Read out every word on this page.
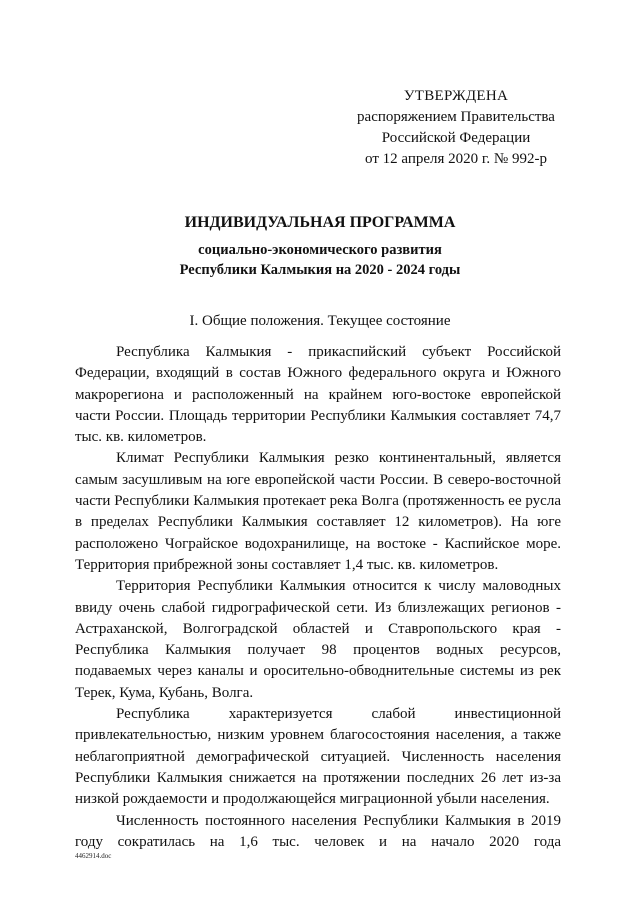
УТВЕРЖДЕНА
распоряжением Правительства
Российской Федерации
от 12 апреля 2020 г. № 992-р
ИНДИВИДУАЛЬНАЯ ПРОГРАММА
социально-экономического развития
Республики Калмыкия на 2020 - 2024 годы
I. Общие положения. Текущее состояние

Республика Калмыкия - прикаспийский субъект Российской Федерации, входящий в состав Южного федерального округа и Южного макрорегиона и расположенный на крайнем юго-востоке европейской части России. Площадь территории Республики Калмыкия составляет 74,7 тыс. кв. километров.

Климат Республики Калмыкия резко континентальный, является самым засушливым на юге европейской части России. В северо-восточной части Республики Калмыкия протекает река Волга (протяженность ее русла в пределах Республики Калмыкия составляет 12 километров). На юге расположено Чограйское водохранилище, на востоке - Каспийское море. Территория прибрежной зоны составляет 1,4 тыс. кв. километров.

Территория Республики Калмыкия относится к числу маловодных ввиду очень слабой гидрографической сети. Из близлежащих регионов - Астраханской, Волгоградской областей и Ставропольского края - Республика Калмыкия получает 98 процентов водных ресурсов, подаваемых через каналы и оросительно-обводнительные системы из рек Терек, Кума, Кубань, Волга.

Республика характеризуется слабой инвестиционной привлекательностью, низким уровнем благосостояния населения, а также неблагоприятной демографической ситуацией. Численность населения Республики Калмыкия снижается на протяжении последних 26 лет из-за низкой рождаемости и продолжающейся миграционной убыли населения.

Численность постоянного населения Республики Калмыкия в 2019 году сократилась на 1,6 тыс. человек и на начало 2020 года

4462914.doc
